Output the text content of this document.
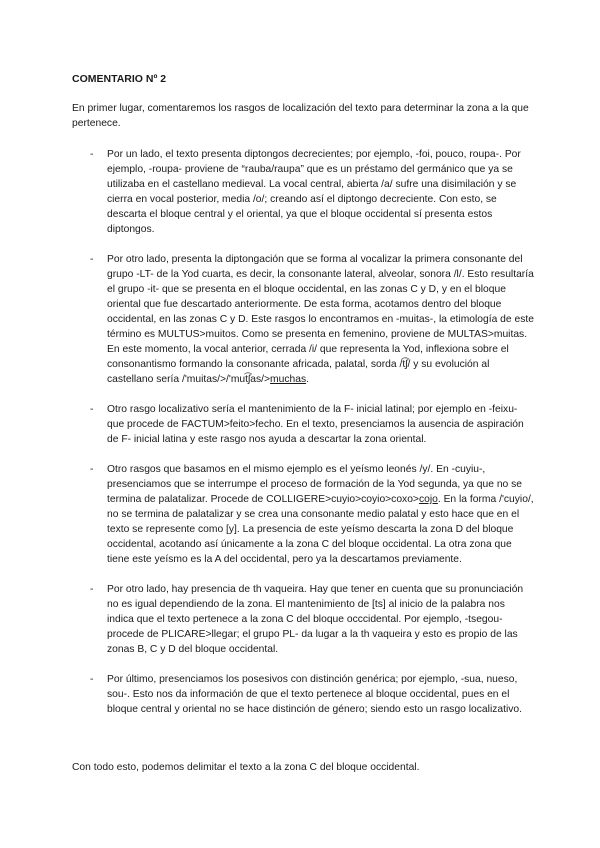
COMENTARIO Nº 2

En primer lugar, comentaremos los rasgos de localización del texto para determinar la zona a la que pertenece.

- Por un lado, el texto presenta diptongos decrecientes; por ejemplo, -foi, pouco, roupa-. Por ejemplo, -roupa- proviene de “rauba/raupa” que es un préstamo del germánico que ya se utilizaba en el castellano medieval. La vocal central, abierta /a/ sufre una disimilación y se cierra en vocal posterior, media /o/; creando así el diptongo decreciente. Con esto, se descarta el bloque central y el oriental, ya que el bloque occidental sí presenta estos diptongos.
- Por otro lado, presenta la diptongación que se forma al vocalizar la primera consonante del grupo -LT- de la Yod cuarta, es decir, la consonante lateral, alveolar, sonora /l/. Esto resultaría el grupo -it- que se presenta en el bloque occidental, en las zonas C y D, y en el bloque oriental que fue descartado anteriormente. De esta forma, acotamos dentro del bloque occidental, en las zonas C y D. Este rasgos lo encontramos en -muitas-, la etimología de este término es MULTUS>muitos. Como se presenta en femenino, proviene de MULTAS>muitas. En este momento, la vocal anterior, cerrada /i/ que representa la Yod, inflexiona sobre el consonantismo formando la consonante africada, palatal, sorda /t͡ʃ/ y su evolución al castellano sería /'muitas/>/'mut͡ʃas/>muchas.
- Otro rasgo localizativo sería el mantenimiento de la F- inicial latinal; por ejemplo en -feixu- que procede de FACTUM>feito>fecho. En el texto, presenciamos la ausencia de aspiración de F- inicial latina y este rasgo nos ayuda a descartar la zona oriental.
- Otro rasgos que basamos en el mismo ejemplo es el yeísmo leonés /y/. En -cuyiu-, presenciamos que se interrumpe el proceso de formación de la Yod segunda, ya que no se termina de palatalizar. Procede de COLLIGERE>cuyio>coyio>coxo>cojo. En la forma /'cuyio/, no se termina de palatalizar y se crea una consonante medio palatal y esto hace que en el texto se represente como [y]. La presencia de este yeísmo descarta la zona D del bloque occidental, acotando así únicamente a la zona C del bloque occidental. La otra zona que tiene este yeísmo es la A del occidental, pero ya la descartamos previamente.
- Por otro lado, hay presencia de th vaqueira. Hay que tener en cuenta que su pronunciación no es igual dependiendo de la zona. El mantenimiento de [ts] al inicio de la palabra nos indica que el texto pertenece a la zona C del bloque occcidental. Por ejemplo, -tsegou- procede de PLICARE>llegar; el grupo PL- da lugar a la th vaqueira y esto es propio de las zonas B, C y D del bloque occidental.
- Por último, presenciamos los posesivos con distinción genérica; por ejemplo, -sua, nueso, sou-. Esto nos da información de que el texto pertenece al bloque occidental, pues en el bloque central y oriental no se hace distinción de género; siendo esto un rasgo localizativo.

Con todo esto, podemos delimitar el texto a la zona C del bloque occidental.
